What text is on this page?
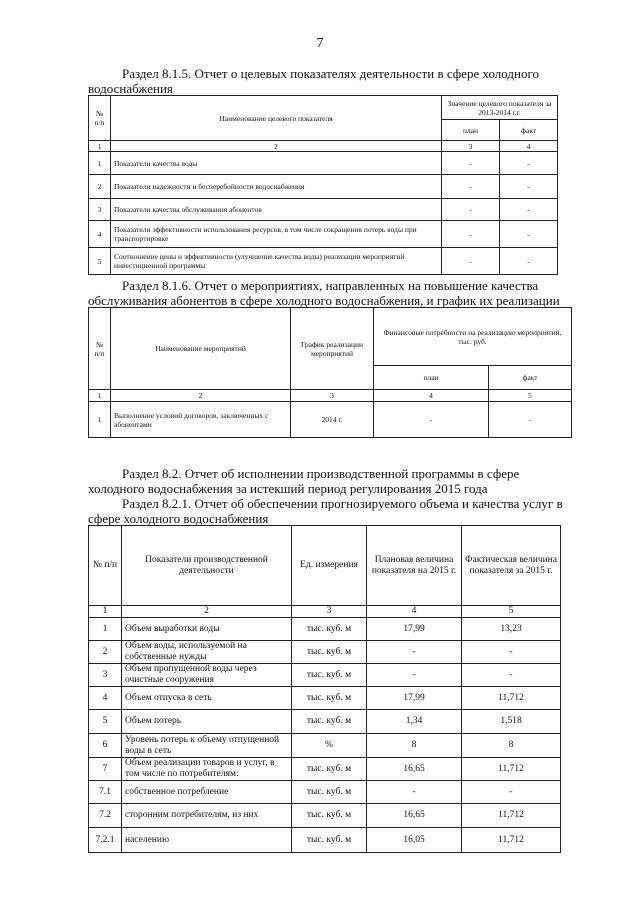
7
Раздел 8.1.5. Отчет о целевых показателях деятельности в сфере холодного
водоснабжения
№ п/п	Наименование целевого показателя	Значение целевого показателя за 2013-2014 г.г.	
		план	факт
1	2	3	4
1	Показатели качества воды	-	-
2	Показатели надежности и бесперебойности водоснабжения	-	-
3	Показатели качества обслуживания абонентов	-	-
4	Показатели эффективности использования ресурсов, в том числе сокращения потерь воды при транспортировке	-	-
5	Соотношение цены и эффективности (улучшение качества воды) реализации мероприятий инвестиционной программы	-	-
Раздел 8.1.6. Отчет о мероприятиях, направленных на повышение качества
обслуживания абонентов в сфере холодного водоснабжения, и график их реализации
№ п/п	Наименование мероприятий	График реализации мероприятий	Финансовые потребности на реализацию мероприятий, тыс. руб.	
			план	факт
1	2	3	4	5
1	Выполнение условий договоров, заключенных с абонентами	2014 г.	-	-
Раздел 8.2. Отчет об исполнении производственной программы в сфере
холодного водоснабжения за истекший период регулирования 2015 года
Раздел 8.2.1. Отчет об обеспечении прогнозируемого объема и качества услуг в
сфере холодного водоснабжения
№ п/п	Показатели производственной деятельности	Ед. измерения	Плановая величина показателя на 2015 г.	Фактическая величина показателя за 2015 г.
1	2	3	4	5
1	Объем выработки воды	тыс. куб. м	17,99	13,23
2	Объем воды, используемой на собственные нужды	тыс. куб. м	-	-
3	Объем пропущенной воды через очистные сооружения	тыс. куб. м	-	-
4	Объем отпуска в сеть	тыс. куб. м	17,99	11,712
5	Объем потерь	тыс. куб. м	1,34	1,518
6	Уровень потерь к объему отпущенной воды в сеть	%	8	8
7	Объем реализации товаров и услуг, в том числе по потребителям:	тыс. куб. м	16,65	11,712
7.1	собственное потребление	тыс. куб. м	-	-
7.2	сторонним потребителям, из них	тыс. куб. м	16,65	11,712
7.2.1	населению	тыс. куб. м	16,05	11,712
